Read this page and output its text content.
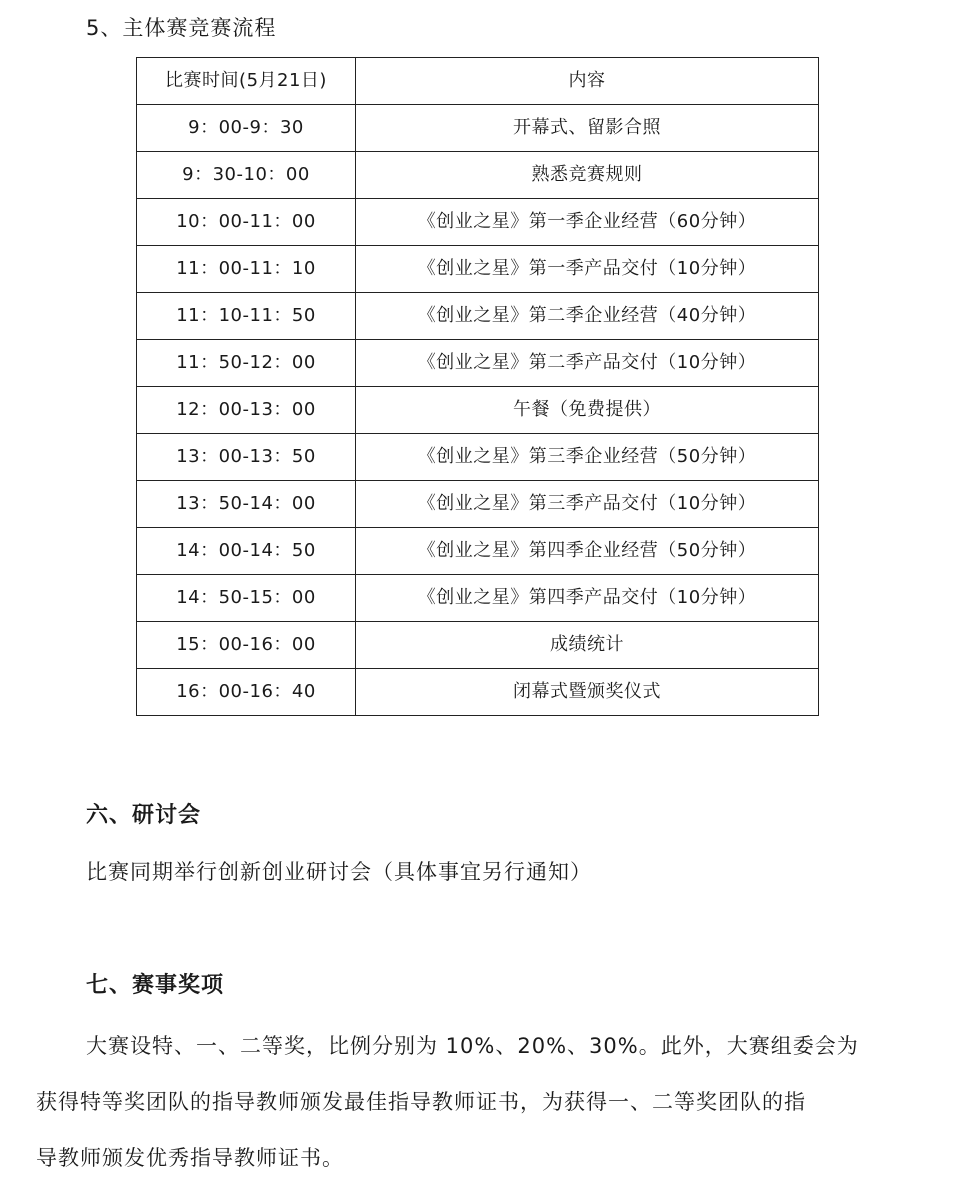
5、主体赛竞赛流程
比赛时间(5月21日)	内容
9：00-9：30	开幕式、留影合照
9：30-10：00	熟悉竞赛规则
10：00-11：00	《创业之星》第一季企业经营（60分钟）
11：00-11：10	《创业之星》第一季产品交付（10分钟）
11：10-11：50	《创业之星》第二季企业经营（40分钟）
11：50-12：00	《创业之星》第二季产品交付（10分钟）
12：00-13：00	午餐（免费提供）
13：00-13：50	《创业之星》第三季企业经营（50分钟）
13：50-14：00	《创业之星》第三季产品交付（10分钟）
14：00-14：50	《创业之星》第四季企业经营（50分钟）
14：50-15：00	《创业之星》第四季产品交付（10分钟）
15：00-16：00	成绩统计
16：00-16：40	闭幕式暨颁奖仪式
六、研讨会
比赛同期举行创新创业研讨会（具体事宜另行通知）
七、赛事奖项
大赛设特、一、二等奖，比例分别为 10%、20%、30%。此外，大赛组委会为
获得特等奖团队的指导教师颁发最佳指导教师证书，为获得一、二等奖团队的指
导教师颁发优秀指导教师证书。
